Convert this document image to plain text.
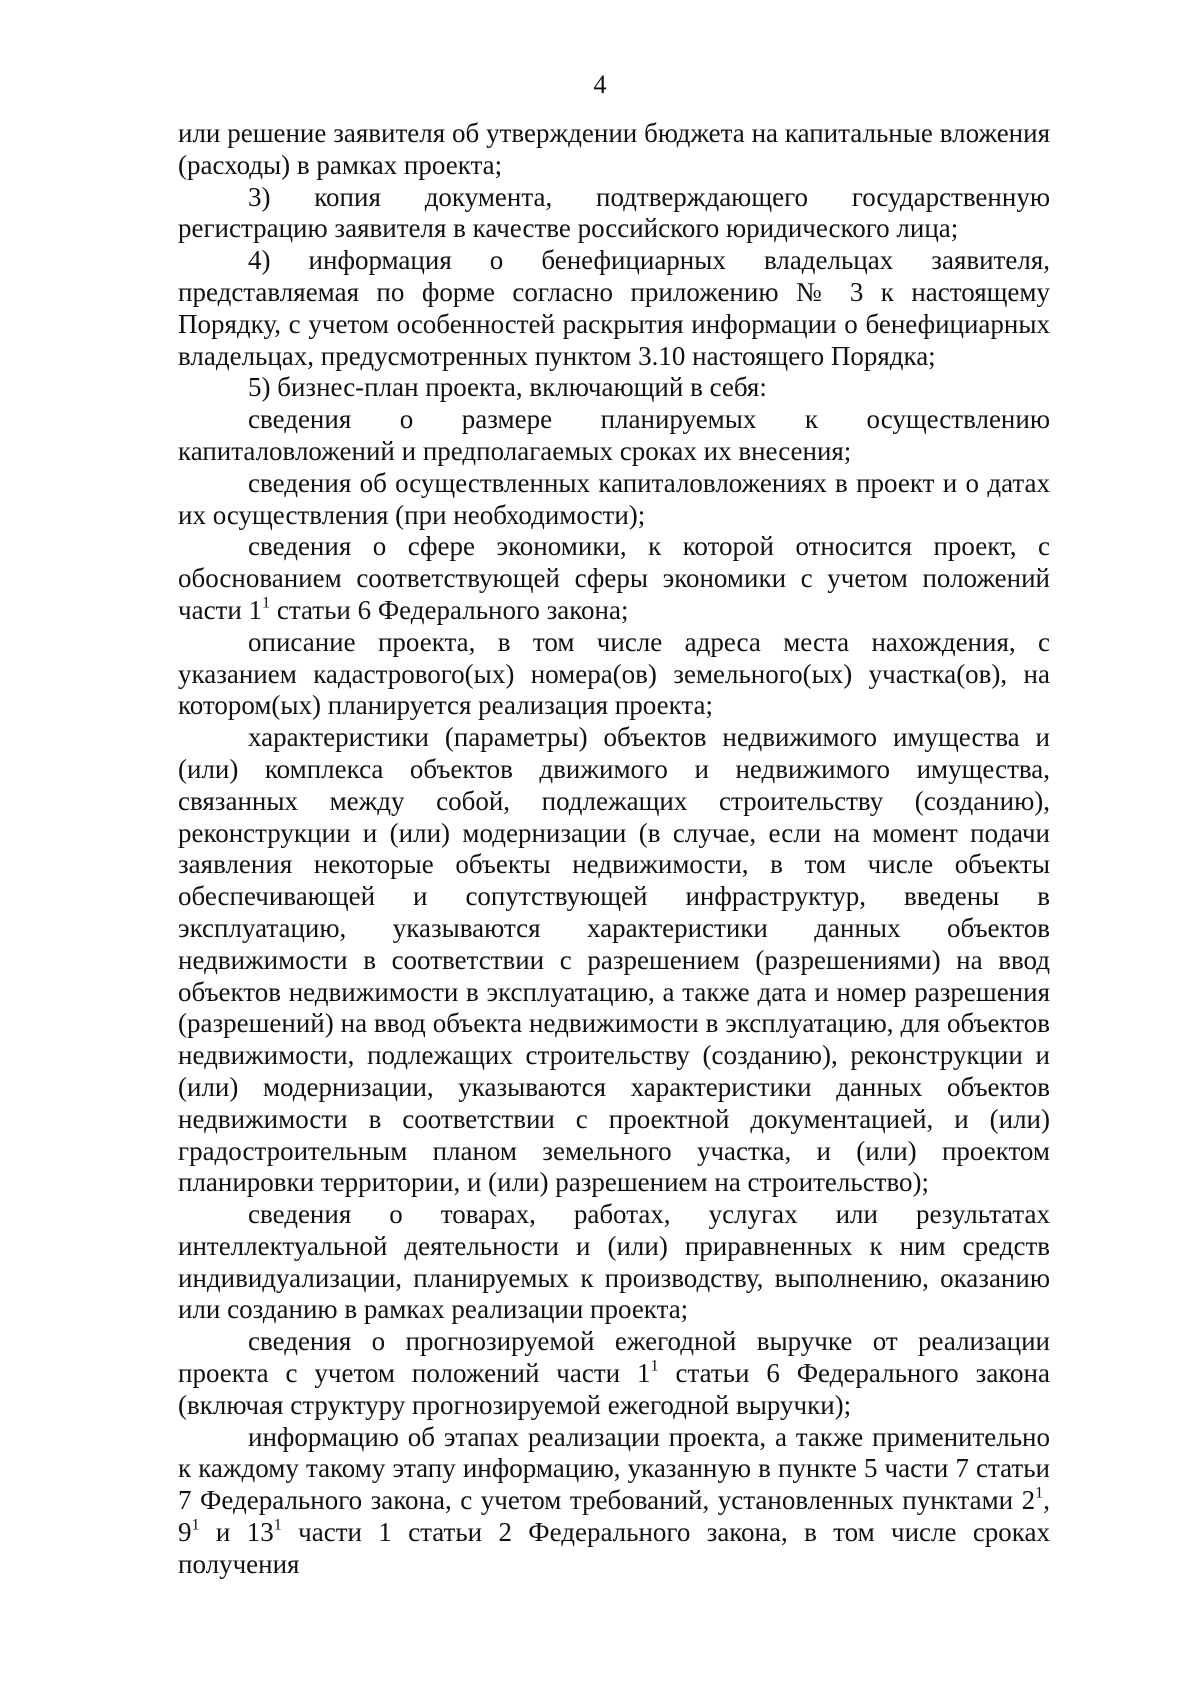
4

или решение заявителя об утверждении бюджета на капитальные вложения (расходы) в рамках проекта;

3) копия документа, подтверждающего государственную регистрацию заявителя в качестве российского юридического лица;

4) информация о бенефициарных владельцах заявителя, представляемая по форме согласно приложению № 3 к настоящему Порядку, с учетом особенностей раскрытия информации о бенефициарных владельцах, предусмотренных пунктом 3.10 настоящего Порядка;

5) бизнес-план проекта, включающий в себя:

сведения о размере планируемых к осуществлению капиталовложений и предполагаемых сроках их внесения;

сведения об осуществленных капиталовложениях в проект и о датах их осуществления (при необходимости);

сведения о сфере экономики, к которой относится проект, с обоснованием соответствующей сферы экономики с учетом положений части $1^1$ статьи 6 Федерального закона;

описание проекта, в том числе адреса места нахождения, с указанием кадастрового(ых) номера(ов) земельного(ых) участка(ов), на котором(ых) планируется реализация проекта;

характеристики (параметры) объектов недвижимого имущества и (или) комплекса объектов движимого и недвижимого имущества, связанных между собой, подлежащих строительству (созданию), реконструкции и (или) модернизации (в случае, если на момент подачи заявления некоторые объекты недвижимости, в том числе объекты обеспечивающей и сопутствующей инфраструктур, введены в эксплуатацию, указываются характеристики данных объектов недвижимости в соответствии с разрешением (разрешениями) на ввод объектов недвижимости в эксплуатацию, а также дата и номер разрешения (разрешений) на ввод объекта недвижимости в эксплуатацию, для объектов недвижимости, подлежащих строительству (созданию), реконструкции и (или) модернизации, указываются характеристики данных объектов недвижимости в соответствии с проектной документацией, и (или) градостроительным планом земельного участка, и (или) проектом планировки территории, и (или) разрешением на строительство);

сведения о товарах, работах, услугах или результатах интеллектуальной деятельности и (или) приравненных к ним средств индивидуализации, планируемых к производству, выполнению, оказанию или созданию в рамках реализации проекта;

сведения о прогнозируемой ежегодной выручке от реализации проекта с учетом положений части $1^1$ статьи 6 Федерального закона (включая структуру прогнозируемой ежегодной выручки);

информацию об этапах реализации проекта, а также применительно к каждому такому этапу информацию, указанную в пункте 5 части 7 статьи 7 Федерального закона, с учетом требований, установленных пунктами $2^1$, $9^1$ и $13^1$ части 1 статьи 2 Федерального закона, в том числе сроках получения
